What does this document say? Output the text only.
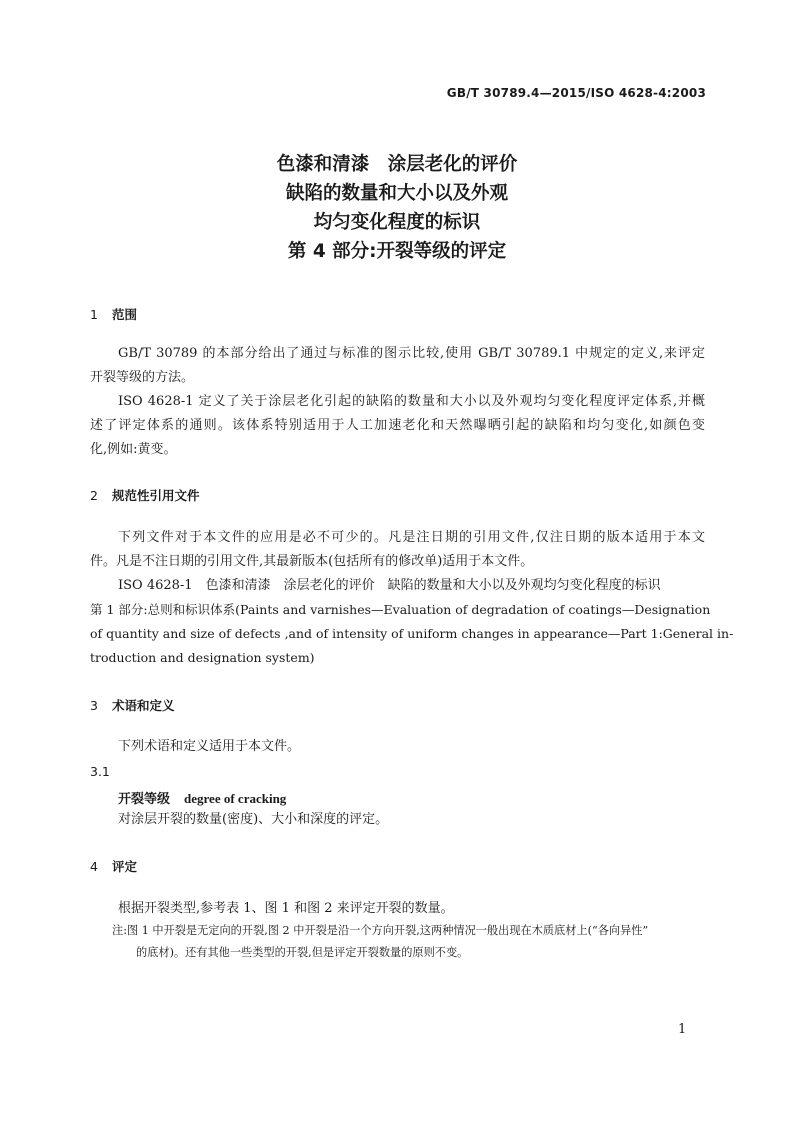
GB/T 30789.4—2015/ISO 4628-4:2003
色漆和清漆　涂层老化的评价
缺陷的数量和大小以及外观
均匀变化程度的标识
第 4 部分:开裂等级的评定
1 范围
GB/T 30789 的本部分给出了通过与标准的图示比较,使用 GB/T 30789.1 中规定的定义,来评定
开裂等级的方法。
ISO 4628-1 定义了关于涂层老化引起的缺陷的数量和大小以及外观均匀变化程度评定体系,并概
述了评定体系的通则。该体系特别适用于人工加速老化和天然曝晒引起的缺陷和均匀变化,如颜色变
化,例如:黄变。
2 规范性引用文件
下列文件对于本文件的应用是必不可少的。凡是注日期的引用文件,仅注日期的版本适用于本文
件。凡是不注日期的引用文件,其最新版本(包括所有的修改单)适用于本文件。
ISO 4628-1　色漆和清漆　涂层老化的评价　缺陷的数量和大小以及外观均匀变化程度的标识
第 1 部分:总则和标识体系(Paints and varnishes—Evaluation of degradation of coatings—Designation
of quantity and size of defects ,and of intensity of uniform changes in appearance—Part 1:General in-
troduction and designation system)
3 术语和定义
下列术语和定义适用于本文件。
3.1
开裂等级 degree of cracking
对涂层开裂的数量(密度)、大小和深度的评定。
4 评定
根据开裂类型,参考表 1、图 1 和图 2 来评定开裂的数量。
注:图 1 中开裂是无定向的开裂,图 2 中开裂是沿一个方向开裂,这两种情况一般出现在木质底材上(“各向异性”
的底材)。还有其他一些类型的开裂,但是评定开裂数量的原则不变。
1
